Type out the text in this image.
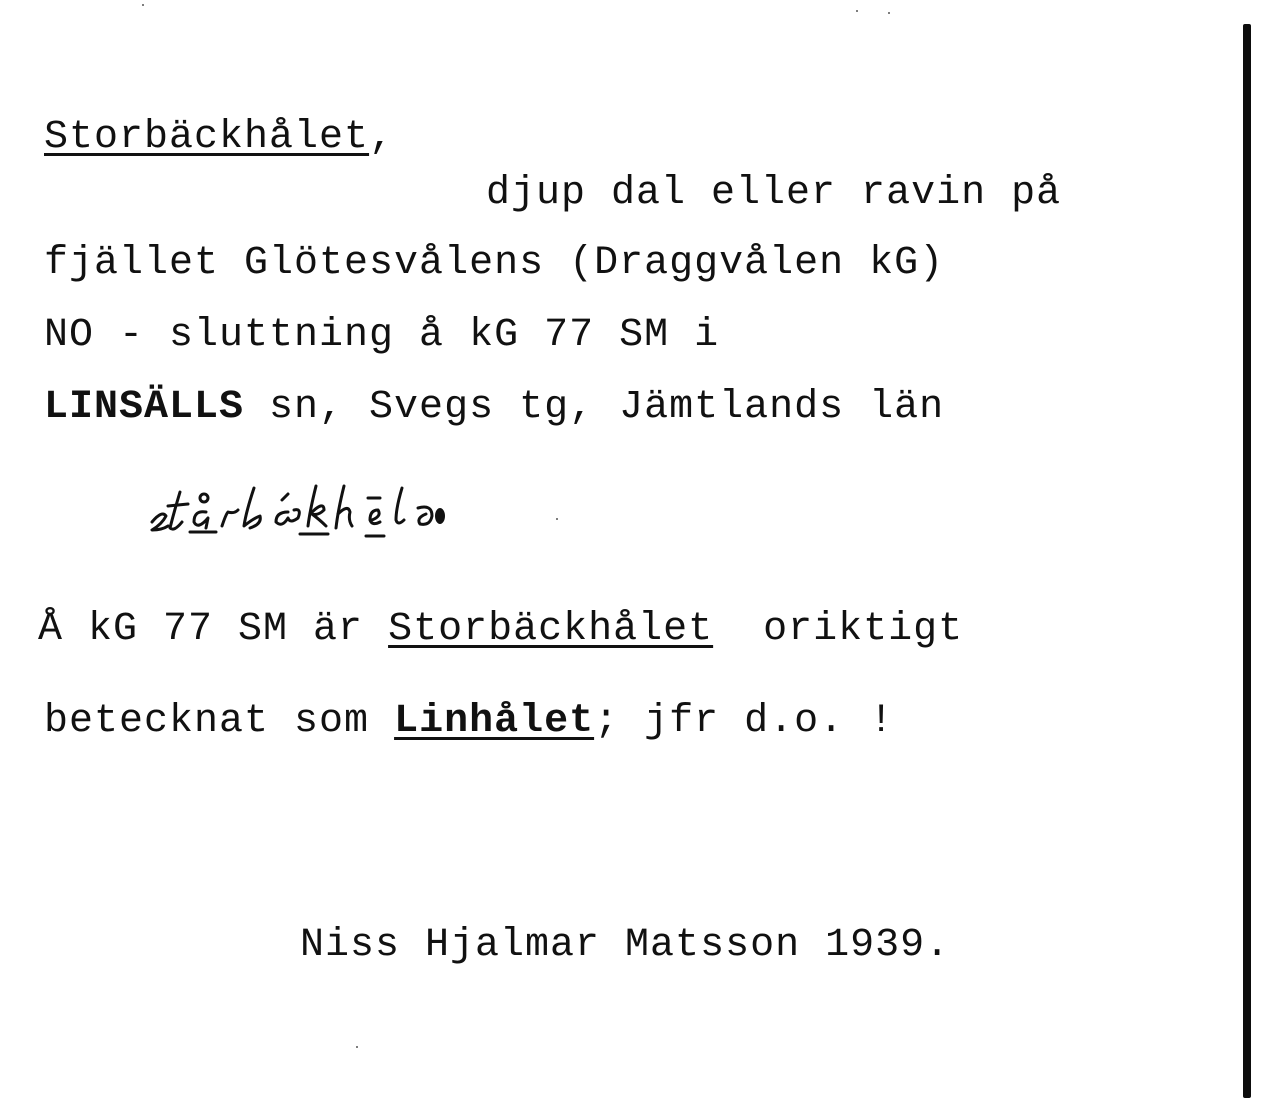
Storbäckhålet,
djup dal eller ravin på
fjället Glötesvålens (Draggvålen kG)
NO - sluttning å kG 77 SM i
LINSÄLLS sn, Svegs tg, Jämtlands län
Å kG 77 SM är Storbäckhålet  oriktigt
betecknat som Linhålet; jfr d.o. !
Niss Hjalmar Matsson 1939.
